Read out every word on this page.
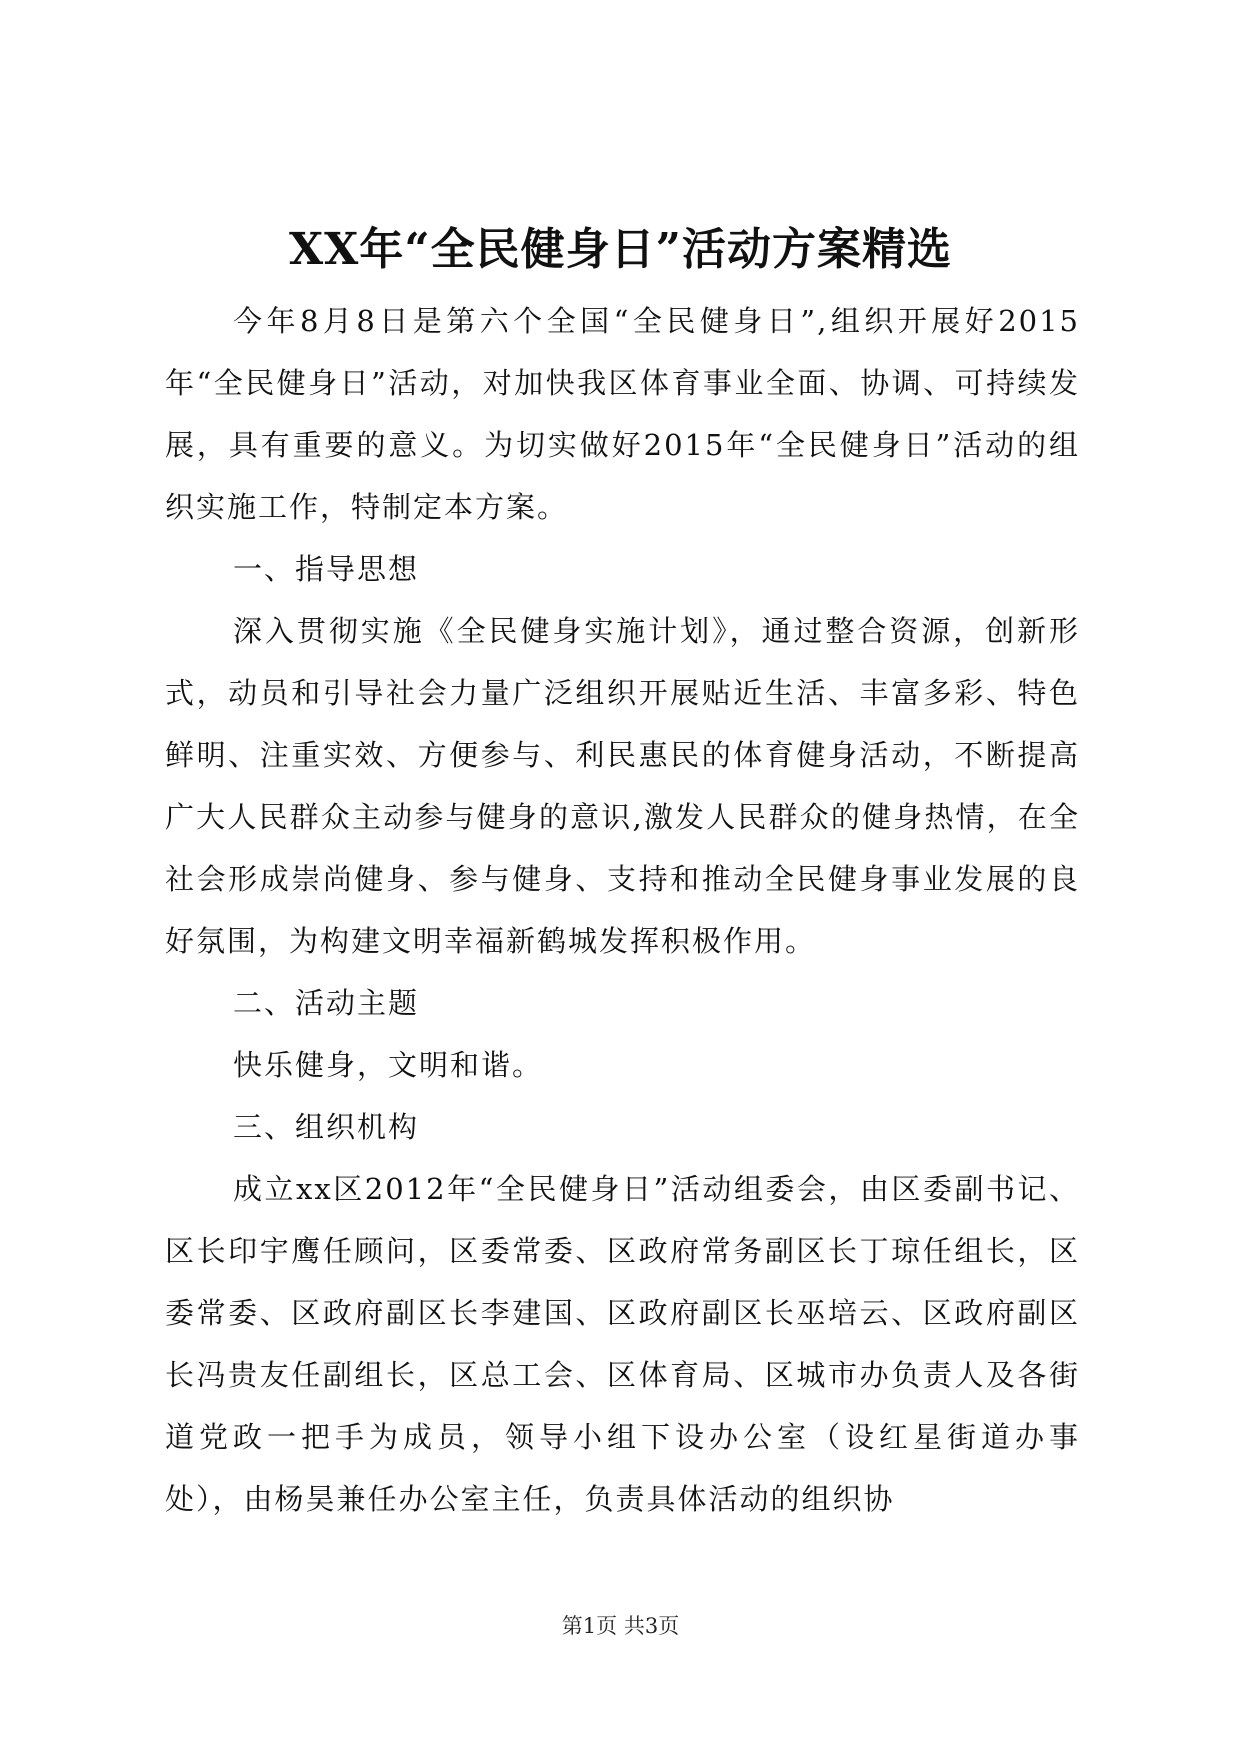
XX年“全民健身日”活动方案精选

今年8月8日是第六个全国“全民健身日”,组织开展好2015年“全民健身日”活动，对加快我区体育事业全面、协调、可持续发展，具有重要的意义。为切实做好2015年“全民健身日”活动的组织实施工作，特制定本方案。

一、指导思想

深入贯彻实施《全民健身实施计划》，通过整合资源，创新形式，动员和引导社会力量广泛组织开展贴近生活、丰富多彩、特色鲜明、注重实效、方便参与、利民惠民的体育健身活动，不断提高广大人民群众主动参与健身的意识,激发人民群众的健身热情，在全社会形成崇尚健身、参与健身、支持和推动全民健身事业发展的良好氛围，为构建文明幸福新鹤城发挥积极作用。

二、活动主题

快乐健身，文明和谐。

三、组织机构

成立xx区2012年“全民健身日”活动组委会，由区委副书记、区长印宇鹰任顾问，区委常委、区政府常务副区长丁琼任组长，区委常委、区政府副区长李建国、区政府副区长巫培云、区政府副区长冯贵友任副组长，区总工会、区体育局、区城市办负责人及各街道党政一把手为成员，领导小组下设办公室（设红星街道办事处），由杨昊兼任办公室主任，负责具体活动的组织协

第1页 共3页
